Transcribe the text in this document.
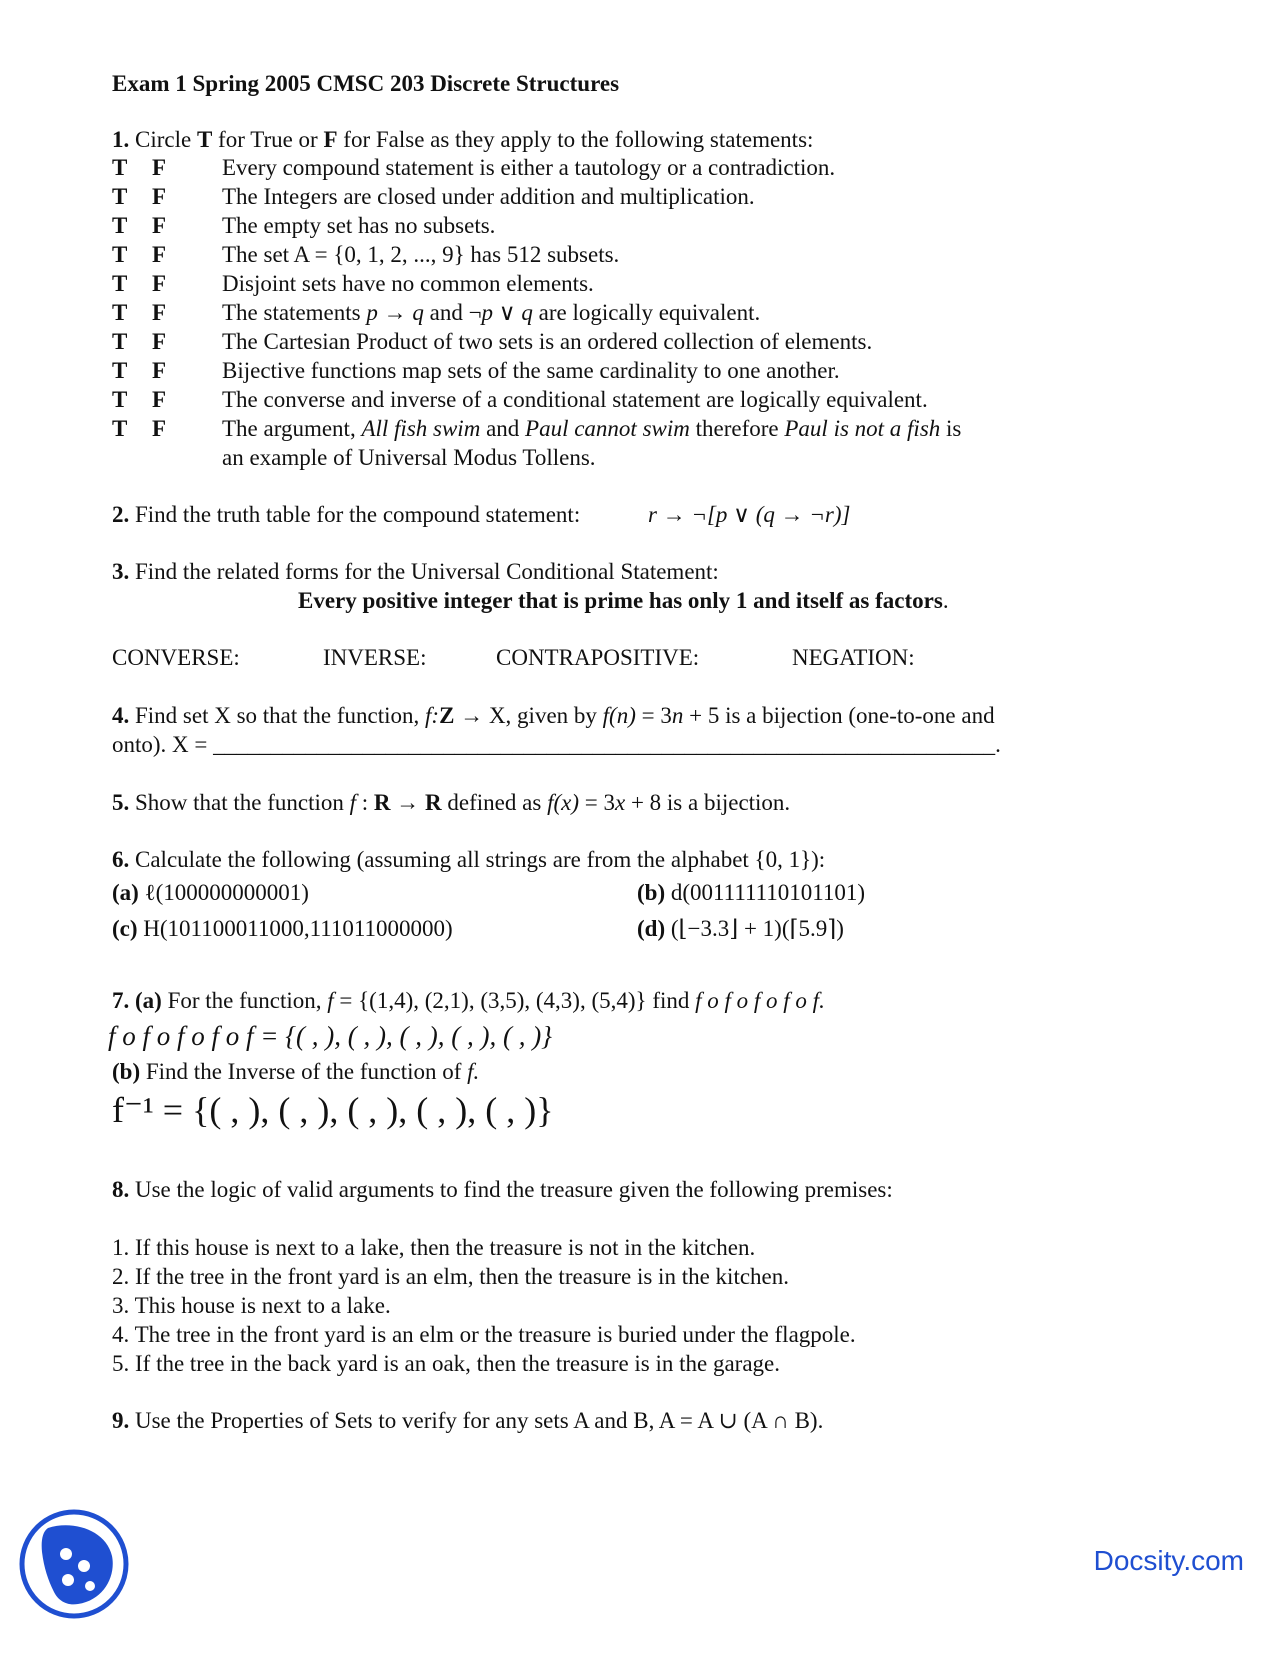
Exam 1 Spring 2005 CMSC 203 Discrete Structures
1. Circle T for True or F for False as they apply to the following statements:
T F Every compound statement is either a tautology or a contradiction.
T F The Integers are closed under addition and multiplication.
T F The empty set has no subsets.
T F The set A = {0, 1, 2, ..., 9} has 512 subsets.
T F Disjoint sets have no common elements.
T F The statements p → q and ¬p ∨ q are logically equivalent.
T F The Cartesian Product of two sets is an ordered collection of elements.
T F Bijective functions map sets of the same cardinality to one another.
T F The converse and inverse of a conditional statement are logically equivalent.
T F The argument, All fish swim and Paul cannot swim therefore Paul is not a fish is
an example of Universal Modus Tollens.
2. Find the truth table for the compound statement:	r → ¬[p ∨ (q → ¬r)]
3. Find the related forms for the Universal Conditional Statement:
Every positive integer that is prime has only 1 and itself as factors.
CONVERSE:	INVERSE:	CONTRAPOSITIVE:	NEGATION:
4. Find set X so that the function, f:Z → X, given by f(n) = 3n + 5 is a bijection (one-to-one and
onto). X = ____________________________________________________________________.
5. Show that the function f : R → R defined as f(x) = 3x + 8 is a bijection.
6. Calculate the following (assuming all strings are from the alphabet {0, 1}):
(a) ℓ(100000000001)	(b) d(001111110101101)
(c) H(101100011000,111011000000)	(d) (⌊−3.3⌋ + 1)(⌈5.9⌉)
7. (a) For the function, f = {(1,4), (2,1), (3,5), (4,3), (5,4)} find f o f o f o f o f.
f o f o f o f o f = {( , ), ( , ), ( , ), ( , ), ( , )}
(b) Find the Inverse of the function of f.
f⁻¹ = {( , ), ( , ), ( , ), ( , ), ( , )}
8. Use the logic of valid arguments to find the treasure given the following premises:
1. If this house is next to a lake, then the treasure is not in the kitchen.
2. If the tree in the front yard is an elm, then the treasure is in the kitchen.
3. This house is next to a lake.
4. The tree in the front yard is an elm or the treasure is buried under the flagpole.
5. If the tree in the back yard is an oak, then the treasure is in the garage.
9. Use the Properties of Sets to verify for any sets A and B, A = A ∪ (A ∩ B).
Docsity.com
